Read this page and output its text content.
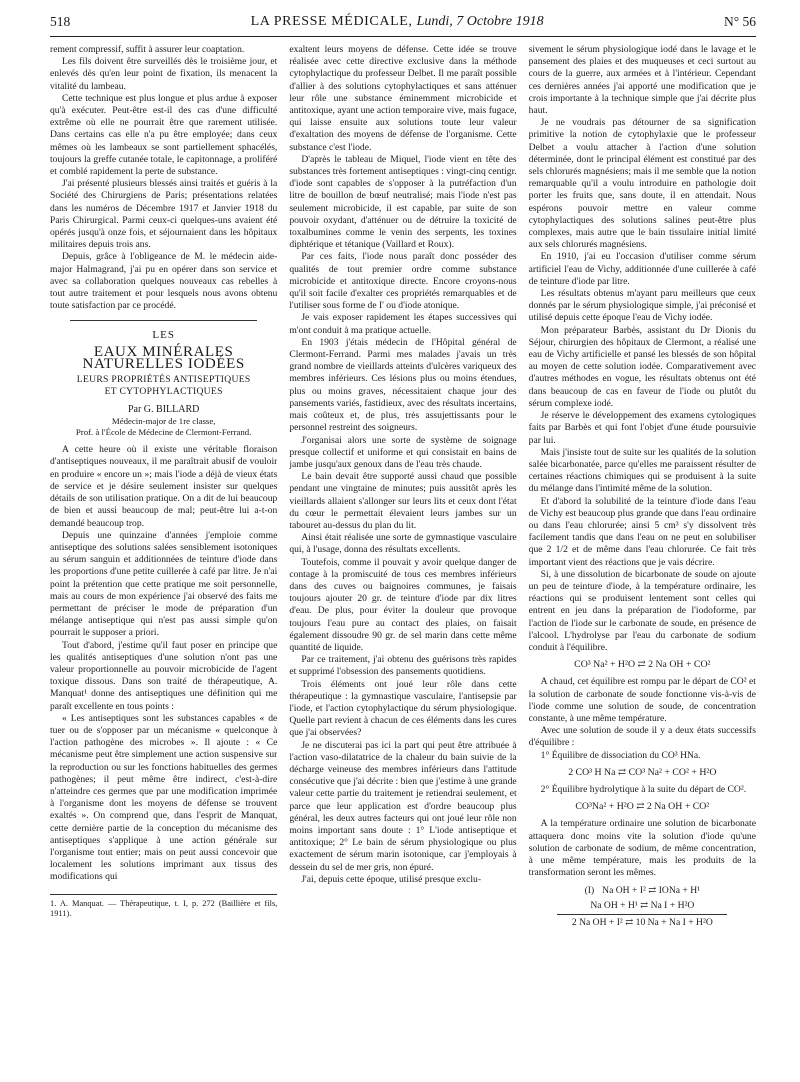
518	LA PRESSE MÉDICALE, Lundi, 7 Octobre 1918	N° 56

rement compressif, suffit à assurer leur coaptation.

Les fils doivent être surveillés dès le troisième jour, et enlevés dès qu'en leur point de fixation, ils menacent la vitalité du lambeau.

Cette technique est plus longue et plus ardue à exposer qu'à exécuter. Peut-être est-il des cas d'une difficulté extrême où elle ne pourrait être que rarement utilisée. Dans certains cas elle n'a pu être employée; dans ceux mêmes où les lambeaux se sont partiellement sphacélés, toujours la greffe cutanée totale, le capitonnage, a proliféré et comblé rapidement la perte de substance.

J'ai présenté plusieurs blessés ainsi traités et guéris à la Société des Chirurgiens de Paris; présentations relatées dans les numéros de Décembre 1917 et Janvier 1918 du Paris Chirurgical. Parmi ceux-ci quelques-uns avaient été opérés jusqu'à onze fois, et séjournaient dans les hôpitaux militaires depuis trois ans.

Depuis, grâce à l'obligeance de M. le médecin aide-major Halmagrand, j'ai pu en opérer dans son service et avec sa collaboration quelques nouveaux cas rebelles à tout autre traitement et pour lesquels nous avons obtenu toute satisfaction par ce procédé.

LES
EAUX MINÉRALES NATURELLES IODÉES
LEURS PROPRIÉTÉS ANTISEPTIQUES
ET CYTOPHYLACTIQUES
Par G. BILLARD
Médecin-major de 1re classe,
Prof. à l'École de Médecine de Clermont-Ferrand.

A cette heure où il existe une véritable floraison d'antiseptiques nouveaux, il me paraîtrait abusif de vouloir en produire « encore un »; mais l'iode a déjà de vieux états de service et je désire seulement insister sur quelques détails de son utilisation pratique. On a dit de lui beaucoup de bien et aussi beaucoup de mal; peut-être lui a-t-on demandé beaucoup trop.

Depuis une quinzaine d'années j'emploie comme antiseptique des solutions salées sensiblement isotoniques au sérum sanguin et additionnées de teinture d'iode dans les proportions d'une petite cuillerée à café par litre. Je n'ai point la prétention que cette pratique me soit personnelle, mais au cours de mon expérience j'ai observé des faits me permettant de préciser le mode de préparation d'un mélange antiseptique qui n'est pas aussi simple qu'on pourrait le supposer a priori.

Tout d'abord, j'estime qu'il faut poser en principe que les qualités antiseptiques d'une solution n'ont pas une valeur proportionnelle au pouvoir microbicide de l'agent toxique dissous. Dans son traité de thérapeutique, A. Manquat¹ donne des antiseptiques une définition qui me paraît excellente en tous points :

« Les antiseptiques sont les substances capables « de tuer ou de s'opposer par un mécanisme « quelconque à l'action pathogène des microbes ». Il ajoute : « Ce mécanisme peut être simplement une action suspensive sur la reproduction ou sur les fonctions habituelles des germes pathogènes; il peut même être indirect, c'est-à-dire n'atteindre ces germes que par une modification imprimée à l'organisme dont les moyens de défense se trouvent exaltés ». On comprend que, dans l'esprit de Manquat, cette dernière partie de la conception du mécanisme des antiseptiques s'applique à une action générale sur l'organisme tout entier; mais on peut aussi concevoir que localement les solutions imprimant aux tissus des modifications qui

1. A. Manquat. — Thérapeutique, t. I, p. 272 (Baillière et fils, 1911).

exaltent leurs moyens de défense. Cette idée se trouve réalisée avec cette directive exclusive dans la méthode cytophylactique du professeur Delbet. Il me paraît possible d'allier à des solutions cytophylactiques et sans atténuer leur rôle une substance éminemment microbicide et antitoxique, ayant une action temporaire vive, mais fugace, qui laisse ensuite aux solutions toute leur valeur d'exaltation des moyens de défense de l'organisme. Cette substance c'est l'iode.

D'après le tableau de Miquel, l'iode vient en tête des substances très fortement antiseptiques : vingt-cinq centigr. d'iode sont capables de s'opposer à la putréfaction d'un litre de bouillon de bœuf neutralisé; mais l'iode n'est pas seulement microbicide, il est capable, par suite de son pouvoir oxydant, d'atténuer ou de détruire la toxicité de toxalbumines comme le venin des serpents, les toxines diphtérique et tétanique (Vaillard et Roux).

Par ces faits, l'iode nous paraît donc posséder des qualités de tout premier ordre comme substance microbicide et antitoxique directe. Encore croyons-nous qu'il soit facile d'exalter ces propriétés remarquables et de l'utiliser sous forme de I' ou d'iode atonique.

Je vais exposer rapidement les étapes successives qui m'ont conduit à ma pratique actuelle.

En 1903 j'étais médecin de l'Hôpital général de Clermont-Ferrand. Parmi mes malades j'avais un très grand nombre de vieillards atteints d'ulcères variqueux des membres inférieurs. Ces lésions plus ou moins étendues, plus ou moins graves, nécessitaient chaque jour des pansements variés, fastidieux, avec des résultats incertains, mais coûteux et, de plus, très assujettissants pour le personnel restreint des soigneurs.

J'organisai alors une sorte de système de soignage presque collectif et uniforme et qui consistait en bains de jambe jusqu'aux genoux dans de l'eau très chaude.

Le bain devait être supporté aussi chaud que possible pendant une vingtaine de minutes; puis aussitôt après les vieillards allaient s'allonger sur leurs lits et ceux dont l'état du cœur le permettait élevaient leurs jambes sur un tabouret au-dessus du plan du lit.

Ainsi était réalisée une sorte de gymnastique vasculaire qui, à l'usage, donna des résultats excellents.

Toutefois, comme il pouvait y avoir quelque danger de contage à la promiscuité de tous ces membres inférieurs dans des cuves ou baignoires communes, je faisais toujours ajouter 20 gr. de teinture d'iode par dix litres d'eau. De plus, pour éviter la douleur que provoque toujours l'eau pure au contact des plaies, on faisait également dissoudre 90 gr. de sel marin dans cette même quantité de liquide.

Par ce traitement, j'ai obtenu des guérisons très rapides et supprimé l'obsession des pansements quotidiens.

Trois éléments ont joué leur rôle dans cette thérapeutique : la gymnastique vasculaire, l'antisepsie par l'iode, et l'action cytophylactique du sérum physiologique. Quelle part revient à chacun de ces éléments dans les cures que j'ai observées?

Je ne discuterai pas ici la part qui peut être attribuée à l'action vaso-dilatatrice de la chaleur du bain suivie de la décharge veineuse des membres inférieurs dans l'attitude consécutive que j'ai décrite : bien que j'estime à une grande valeur cette partie du traitement je retiendrai seulement, et parce que leur application est d'ordre beaucoup plus général, les deux autres facteurs qui ont joué leur rôle non moins important sans doute : 1° L'iode antiseptique et antitoxique; 2° Le bain de sérum physiologique ou plus exactement de sérum marin isotonique, car j'employais à dessein du sel de mer gris, non épuré.

J'ai, depuis cette époque, utilisé presque exclu-

sivement le sérum physiologique iodé dans le lavage et le pansement des plaies et des muqueuses et ceci surtout au cours de la guerre, aux armées et à l'intérieur. Cependant ces dernières années j'ai apporté une modification que je crois importante à la technique simple que j'ai décrite plus haut.

Je ne voudrais pas détourner de sa signification primitive la notion de cytophylaxie que le professeur Delbet a voulu attacher à l'action d'une solution déterminée, dont le principal élément est constitué par des sels chlorurés magnésiens; mais il me semble que la notion remarquable qu'il a voulu introduire en pathologie doit porter les fruits que, sans doute, il en attendait. Nous espérons pouvoir mettre en valeur comme cytophylactiques des solutions salines peut-être plus complexes, mais autre que le bain tissulaire initial limité aux sels chlorurés magnésiens.

En 1910, j'ai eu l'occasion d'utiliser comme sérum artificiel l'eau de Vichy, additionnée d'une cuillerée à café de teinture d'iode par litre.

Les résultats obtenus m'ayant paru meilleurs que ceux donnés par le sérum physiologique simple, j'ai préconisé et utilisé depuis cette époque l'eau de Vichy iodée.

Mon préparateur Barbès, assistant du Dr Dionis du Séjour, chirurgien des hôpitaux de Clermont, a réalisé une eau de Vichy artificielle et pansé les blessés de son hôpital au moyen de cette solution iodée. Comparativement avec d'autres méthodes en vogue, les résultats obtenus ont été dans beaucoup de cas en faveur de l'iode ou plutôt du sérum complexe iodé.

Je réserve le développement des examens cytologiques faits par Barbès et qui font l'objet d'une étude poursuivie par lui.

Mais j'insiste tout de suite sur les qualités de la solution salée bicarbonatée, parce qu'elles me paraissent résulter de certaines réactions chimiques qui se produisent à la suite du mélange dans l'intimité même de la solution.

Et d'abord la solubilité de la teinture d'iode dans l'eau de Vichy est beaucoup plus grande que dans l'eau ordinaire ou dans l'eau chlorurée; ainsi 5 cm³ s'y dissolvent très facilement tandis que dans l'eau on ne peut en solubiliser que 2 1/2 et de même dans l'eau chlorurée. Ce fait très important vient des réactions que je vais décrire.

Si, à une dissolution de bicarbonate de soude on ajoute un peu de teinture d'iode, à la température ordinaire, les réactions qui se produisent lentement sont celles qui entrent en jeu dans la préparation de l'iodoforme, par l'action de l'iode sur le carbonate de soude, en présence de l'alcool. L'hydrolyse par l'eau du carbonate de sodium conduit à l'équilibre.

CO³ Na² + H²O ⇄ 2 Na OH + CO²

A chaud, cet équilibre est rompu par le départ de CO² et la solution de carbonate de soude fonctionne vis-à-vis de l'iode comme une solution de soude, de concentration constante, à une même température.

Avec une solution de soude il y a deux états successifs d'équilibre :

1° Équilibre de dissociation du CO³ HNa.

2 CO³ H Na ⇄ CO³ Na² + CO² + H²O

2° Équilibre hydrolytique à la suite du départ de CO².

CO³Na² + H²O ⇄ 2 Na OH + CO²

A la température ordinaire une solution de bicarbonate attaquera donc moins vite la solution d'iode qu'une solution de carbonate de sodium, de même concentration, à une même température, mais les produits de la transformation seront les mêmes.

(I) Na OH + I² ⇄ IONa + H¹
Na OH + H¹ ⇄ Na I + H²O
2 Na OH + I² ⇄ 10 Na + Na I + H²O
